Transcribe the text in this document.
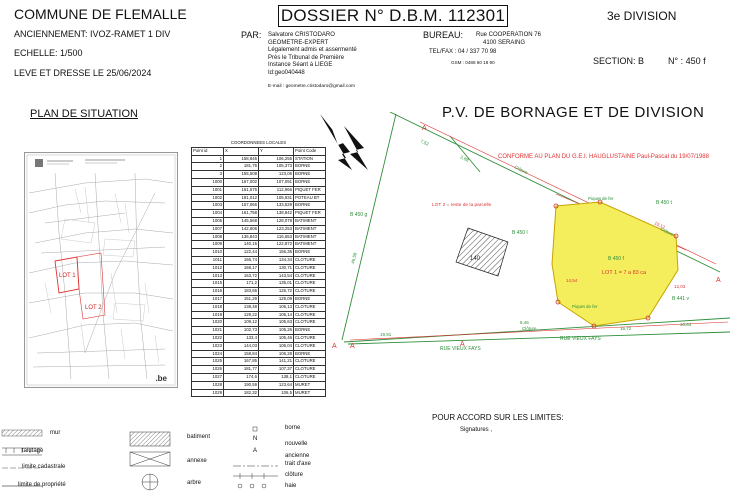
COMMUNE DE FLEMALLE
ANCIENNEMENT: IVOZ-RAMET 1 DIV
ECHELLE: 1/500
LEVE ET DRESSE LE 25/06/2024
DOSSIER N° D.B.M. 112301	3e DIVISION
PAR: Salvatore CRISTODARO
GEOMETRE-EXPERT
Légalement admis et assermenté
Près le Tribunal de Première
Instance Séant à LIEGE
Id:geo040448
E-mail : geometre.cristodaro@gmail.com
BUREAU: Rue COOPERATION 76
4100 SERAING
TEL/FAX : 04 / 337 70 98
GSM : 0486 60 18 90	SECTION: B	N° : 450 f
PLAN DE SITUATION
LOT 1
LOT 2
.be
COORDONNEES LOCALES			
Point id	X	Y	Point Code
1	158,845	106,255	STATION
2	181,75	105,373	BORNE
3	155,508	123,06	BORNE
1000	167,002	107,091	BORNE
1001	161,575	112,966	PIQUET FER
1002	181,012	105,931	POTEAU BT
1003	157,066	133,529	BORNE
1004	161,758	138,842	PIQUET FER
1005	145,568	128,078	BATIMENT
1007	142,606	123,253	BATIMENT
1008	136,843	116,653	BATIMENT
1009	140,15	122,872	BATIMENT
1010	122,44	156,36	BORNE
1011	156,74	134,34	CLOTURE
1012	158,17	130,71	CLOTURE
1013	153,72	143,54	CLOTURE
1015	171,2	135,01	CLOTURE
1016	183,66	126,72	CLOTURE
1017	151,29	125,09	BORNE
1018	138,48	106,13	CLOTURE
1019	129,22	106,14	CLOTURE
1020	109,12	105,63	CLOTURE
1021	102,73	105,26	BORNE
1022	133,4	105,46	CLOTURE
1023	144,03	106,04	CLOTURE
1024	158,84	106,28	BORNE
1025	167,85	141,21	CLOTURE
1026	181,77	107,37	CLOTURE
1027	174,6	138,1	CLOTURE
1028	190,59	123,64	MURET
1029	182,32	106,5	MURET
P.V. DE BORNAGE ET DE DIVISION
140
A
A A	A
A
7,52
2,88
19,91
8,46
16,72
10,64
10,12
12,03
14,54
46,58
CONFORME AU PLAN DU G.E.I. HAUGLUSTAINE Paul-Pascal du 19/07/1988
LOT 2 = reste de la parcelle
LOT 1 = 7 a 83 ca
B 450 g
B 450 l
B 450 t
B 450 f
B 441 v
RUE VIEUX FAYS
RUE VIEUX FAYS
Clôture
Clôture
Clôture
Piquet de fer
Piquet de fer
POUR ACCORD SUR LES LIMITES:
Signatures ,
mur
talutage
limite cadastrale
limite de propriété
batiment
annexe
arbre
borne
N
nouvelle
A
ancienne
trait d'axe
clôture
haie
